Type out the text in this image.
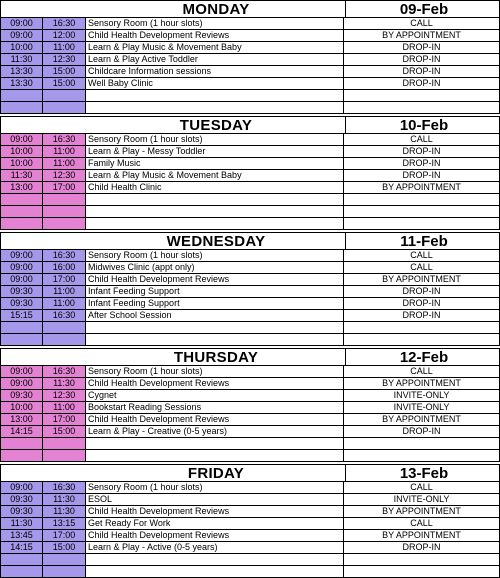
MONDAY	09-Feb
09:00	16:30	Sensory Room (1 hour slots)	CALL
09:00	12:00	Child Health Development Reviews	BY APPOINTMENT
10:00	11:00	Learn & Play Music & Movement Baby	DROP-IN
11:30	12:30	Learn & Play Active Toddler	DROP-IN
13:30	15:00	Childcare Information sessions	DROP-IN
13:30	15:00	Well Baby Clinic	DROP-IN
TUESDAY	10-Feb
09:00	16:30	Sensory Room (1 hour slots)	CALL
10:00	11:00	Learn & Play - Messy Toddler	DROP-IN
10:00	11:00	Family Music	DROP-IN
11:30	12:30	Learn & Play Music & Movement Baby	DROP-IN
13:00	17:00	Child Health Clinic	BY APPOINTMENT
WEDNESDAY	11-Feb
09:00	16:30	Sensory Room (1 hour slots)	CALL
09:00	16:00	Midwives Clinic (appt only)	CALL
09:00	17:00	Child Health Development Reviews	BY APPOINTMENT
09:30	11:00	Infant Feeding Support	DROP-IN
09:30	11:00	Infant Feeding Support	DROP-IN
15:15	16:30	After School Session	DROP-IN
THURSDAY	12-Feb
09:00	16:30	Sensory Room (1 hour slots)	CALL
09:00	11:30	Child Health Development Reviews	BY APPOINTMENT
09:30	12:30	Cygnet	INVITE-ONLY
10:00	11:00	Bookstart Reading Sessions	INVITE-ONLY
13:00	17:00	Child Health Development Reviews	BY APPOINTMENT
14:15	15:00	Learn & Play - Creative (0-5 years)	DROP-IN
FRIDAY	13-Feb
09:00	16:30	Sensory Room (1 hour slots)	CALL
09:30	11:30	ESOL	INVITE-ONLY
09:30	11:30	Child Health Development Reviews	BY APPOINTMENT
11:30	13:15	Get Ready For Work	CALL
13:45	17:00	Child Health Development Reviews	BY APPOINTMENT
14:15	15:00	Learn & Play - Active (0-5 years)	DROP-IN
